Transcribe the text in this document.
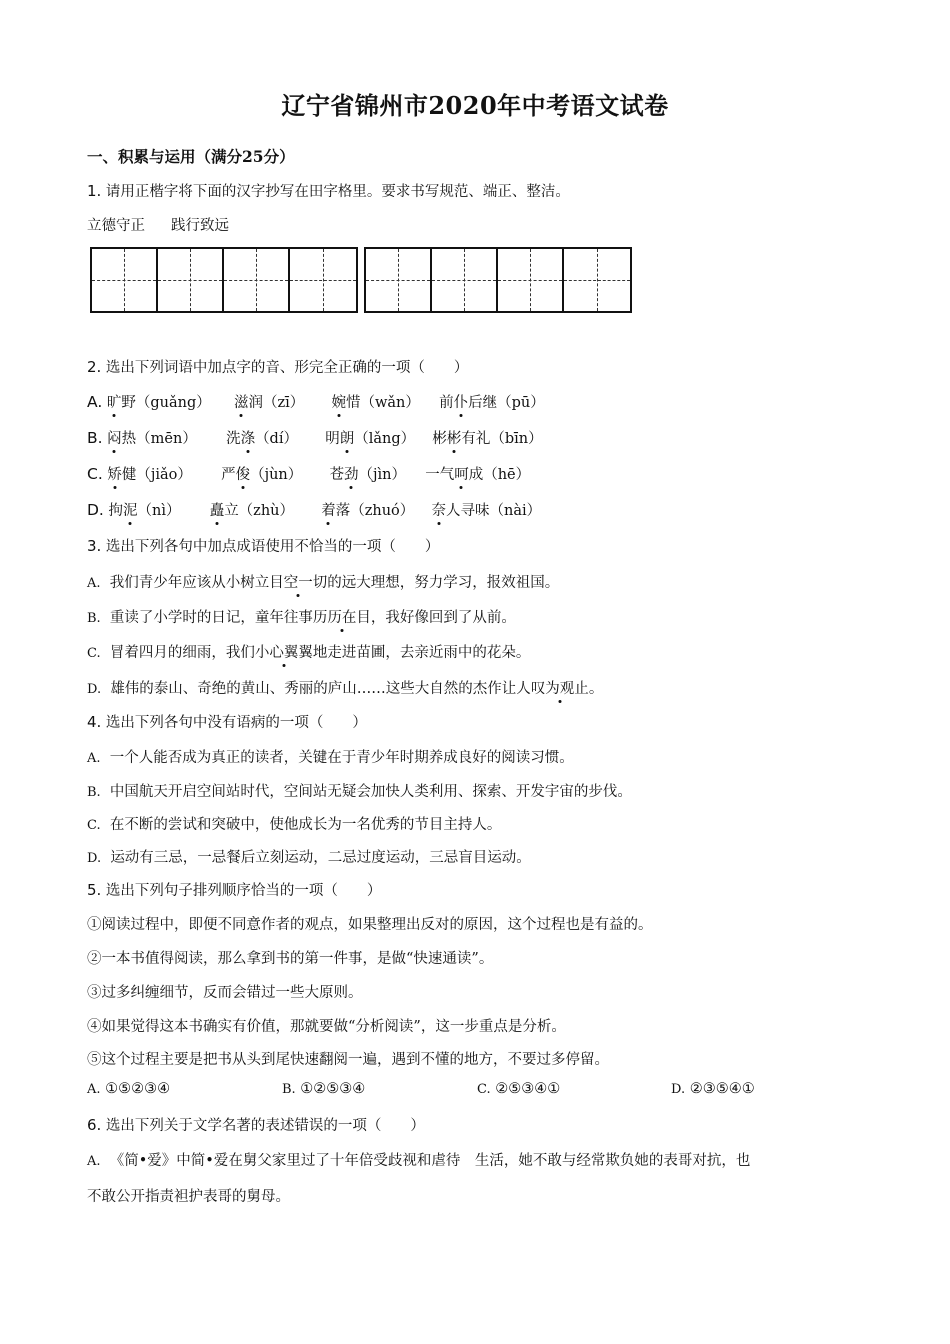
辽宁省锦州市2020年中考语文试卷
一、积累与运用（满分25分）
1. 请用正楷字将下面的汉字抄写在田字格里。要求书写规范、端正、整洁。
立德守正 践行致远
2. 选出下列词语中加点字的音、形完全正确的一项（　　）
A. 旷野（guǎng） 滋润（zī） 婉惜（wǎn） 前仆后继（pū）
B. 闷热（mēn） 洗涤（dí） 明朗（lǎng） 彬彬有礼（bīn）
C. 矫健（jiǎo） 严俊（jùn） 苍劲（jìn） 一气呵成（hē）
D. 拘泥（nì） 矗立（zhù） 着落（zhuó） 奈人寻味（nài）
3. 选出下列各句中加点成语使用不恰当的一项（　　）
A. 我们青少年应该从小树立目空一切的远大理想，努力学习，报效祖国。
B. 重读了小学时的日记，童年往事历历在目，我好像回到了从前。
C. 冒着四月的细雨，我们小心翼翼地走进苗圃，去亲近雨中的花朵。
D. 雄伟的泰山、奇绝的黄山、秀丽的庐山……这些大自然的杰作让人叹为观止。
4. 选出下列各句中没有语病的一项（　　）
A. 一个人能否成为真正的读者，关键在于青少年时期养成良好的阅读习惯。
B. 中国航天开启空间站时代，空间站无疑会加快人类利用、探索、开发宇宙的步伐。
C. 在不断的尝试和突破中，使他成长为一名优秀的节目主持人。
D. 运动有三忌，一忌餐后立刻运动，二忌过度运动，三忌盲目运动。
5. 选出下列句子排列顺序恰当的一项（　　）
①阅读过程中，即便不同意作者的观点，如果整理出反对的原因，这个过程也是有益的。
②一本书值得阅读，那么拿到书的第一件事，是做“快速通读”。
③过多纠缠细节，反而会错过一些大原则。
④如果觉得这本书确实有价值，那就要做“分析阅读”，这一步重点是分析。
⑤这个过程主要是把书从头到尾快速翻阅一遍，遇到不懂的地方，不要过多停留。
A. ①⑤②③④	B. ①②⑤③④	C. ②⑤③④①	D. ②③⑤④①
6. 选出下列关于文学名著的表述错误的一项（　　）
A. 《简•爱》中简•爱在舅父家里过了十年倍受歧视和虐待　生活，她不敢与经常欺负她的表哥对抗，也
不敢公开指责袒护表哥的舅母。
